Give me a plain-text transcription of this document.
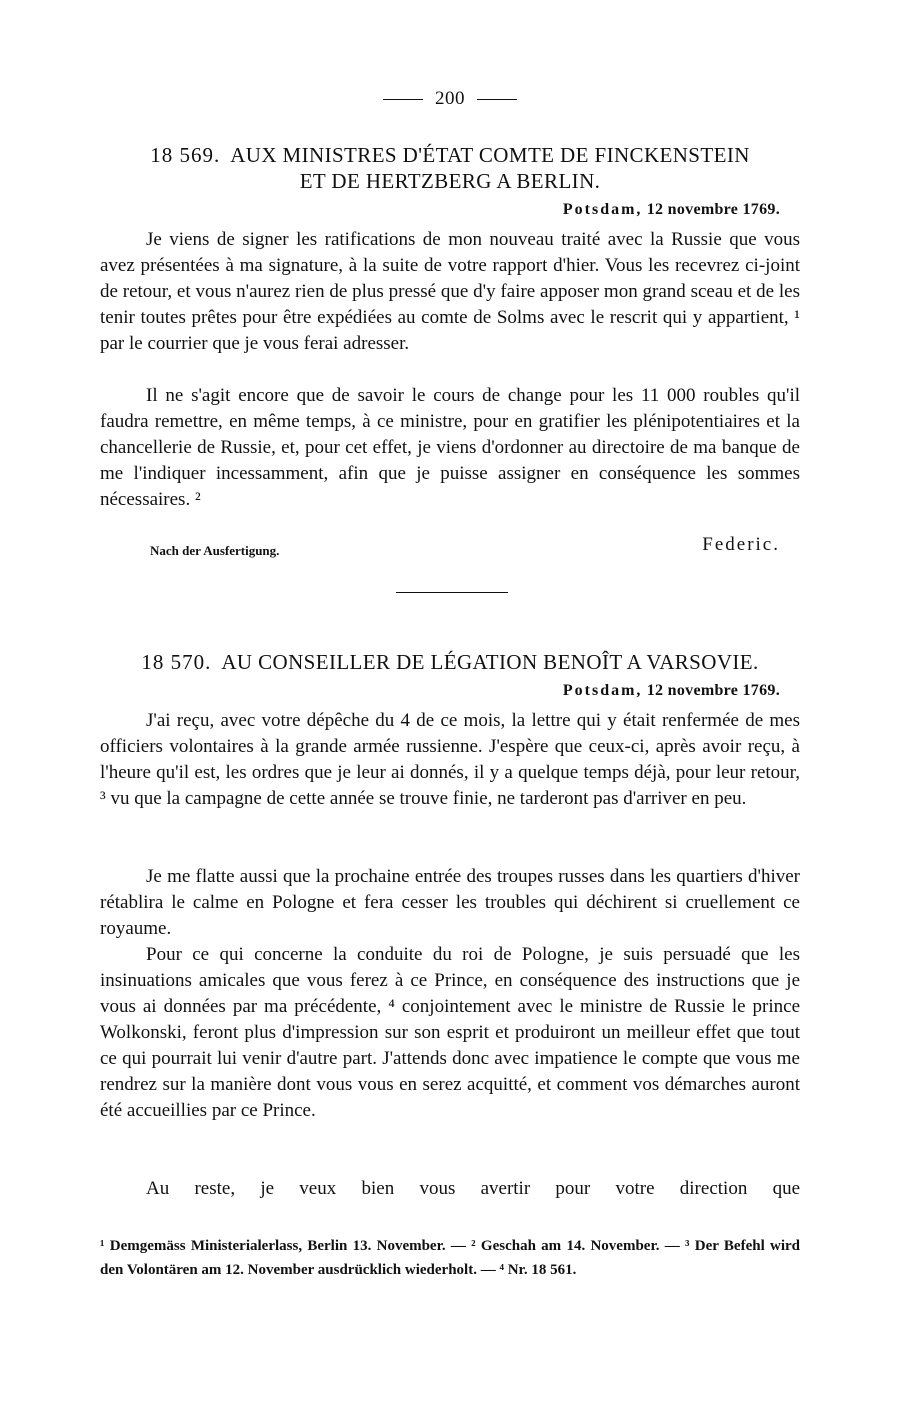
200
18 569. AUX MINISTRES D'ÉTAT COMTE DE FINCKENSTEIN
ET DE HERTZBERG A BERLIN.
Potsdam, 12 novembre 1769.
Je viens de signer les ratifications de mon nouveau traité avec la Russie que vous avez présentées à ma signature, à la suite de votre rapport d'hier. Vous les recevrez ci-joint de retour, et vous n'aurez rien de plus pressé que d'y faire apposer mon grand sceau et de les tenir toutes prêtes pour être expédiées au comte de Solms avec le rescrit qui y appartient, ¹ par le courrier que je vous ferai adresser.
Il ne s'agit encore que de savoir le cours de change pour les 11 000 roubles qu'il faudra remettre, en même temps, à ce ministre, pour en gratifier les plénipotentiaires et la chancellerie de Russie, et, pour cet effet, je viens d'ordonner au directoire de ma banque de me l'indiquer incessamment, afin que je puisse assigner en conséquence les sommes nécessaires. ²
Nach der Ausfertigung.	Federic.
18 570. AU CONSEILLER DE LÉGATION BENOÎT A VARSOVIE.
Potsdam, 12 novembre 1769.
J'ai reçu, avec votre dépêche du 4 de ce mois, la lettre qui y était renfermée de mes officiers volontaires à la grande armée russienne. J'espère que ceux-ci, après avoir reçu, à l'heure qu'il est, les ordres que je leur ai donnés, il y a quelque temps déjà, pour leur retour, ³ vu que la campagne de cette année se trouve finie, ne tarderont pas d'arriver en peu.
Je me flatte aussi que la prochaine entrée des troupes russes dans les quartiers d'hiver rétablira le calme en Pologne et fera cesser les troubles qui déchirent si cruellement ce royaume.
Pour ce qui concerne la conduite du roi de Pologne, je suis persuadé que les insinuations amicales que vous ferez à ce Prince, en conséquence des instructions que je vous ai données par ma précédente, ⁴ conjointement avec le ministre de Russie le prince Wolkonski, feront plus d'impression sur son esprit et produiront un meilleur effet que tout ce qui pourrait lui venir d'autre part. J'attends donc avec impatience le compte que vous me rendrez sur la manière dont vous vous en serez acquitté, et comment vos démarches auront été accueillies par ce Prince.
Au reste, je veux bien vous avertir pour votre direction que
¹ Demgemäss Ministerialerlass, Berlin 13. November. — ² Geschah am 14. November. — ³ Der Befehl wird den Volontären am 12. November ausdrücklich wiederholt. — ⁴ Nr. 18 561.
